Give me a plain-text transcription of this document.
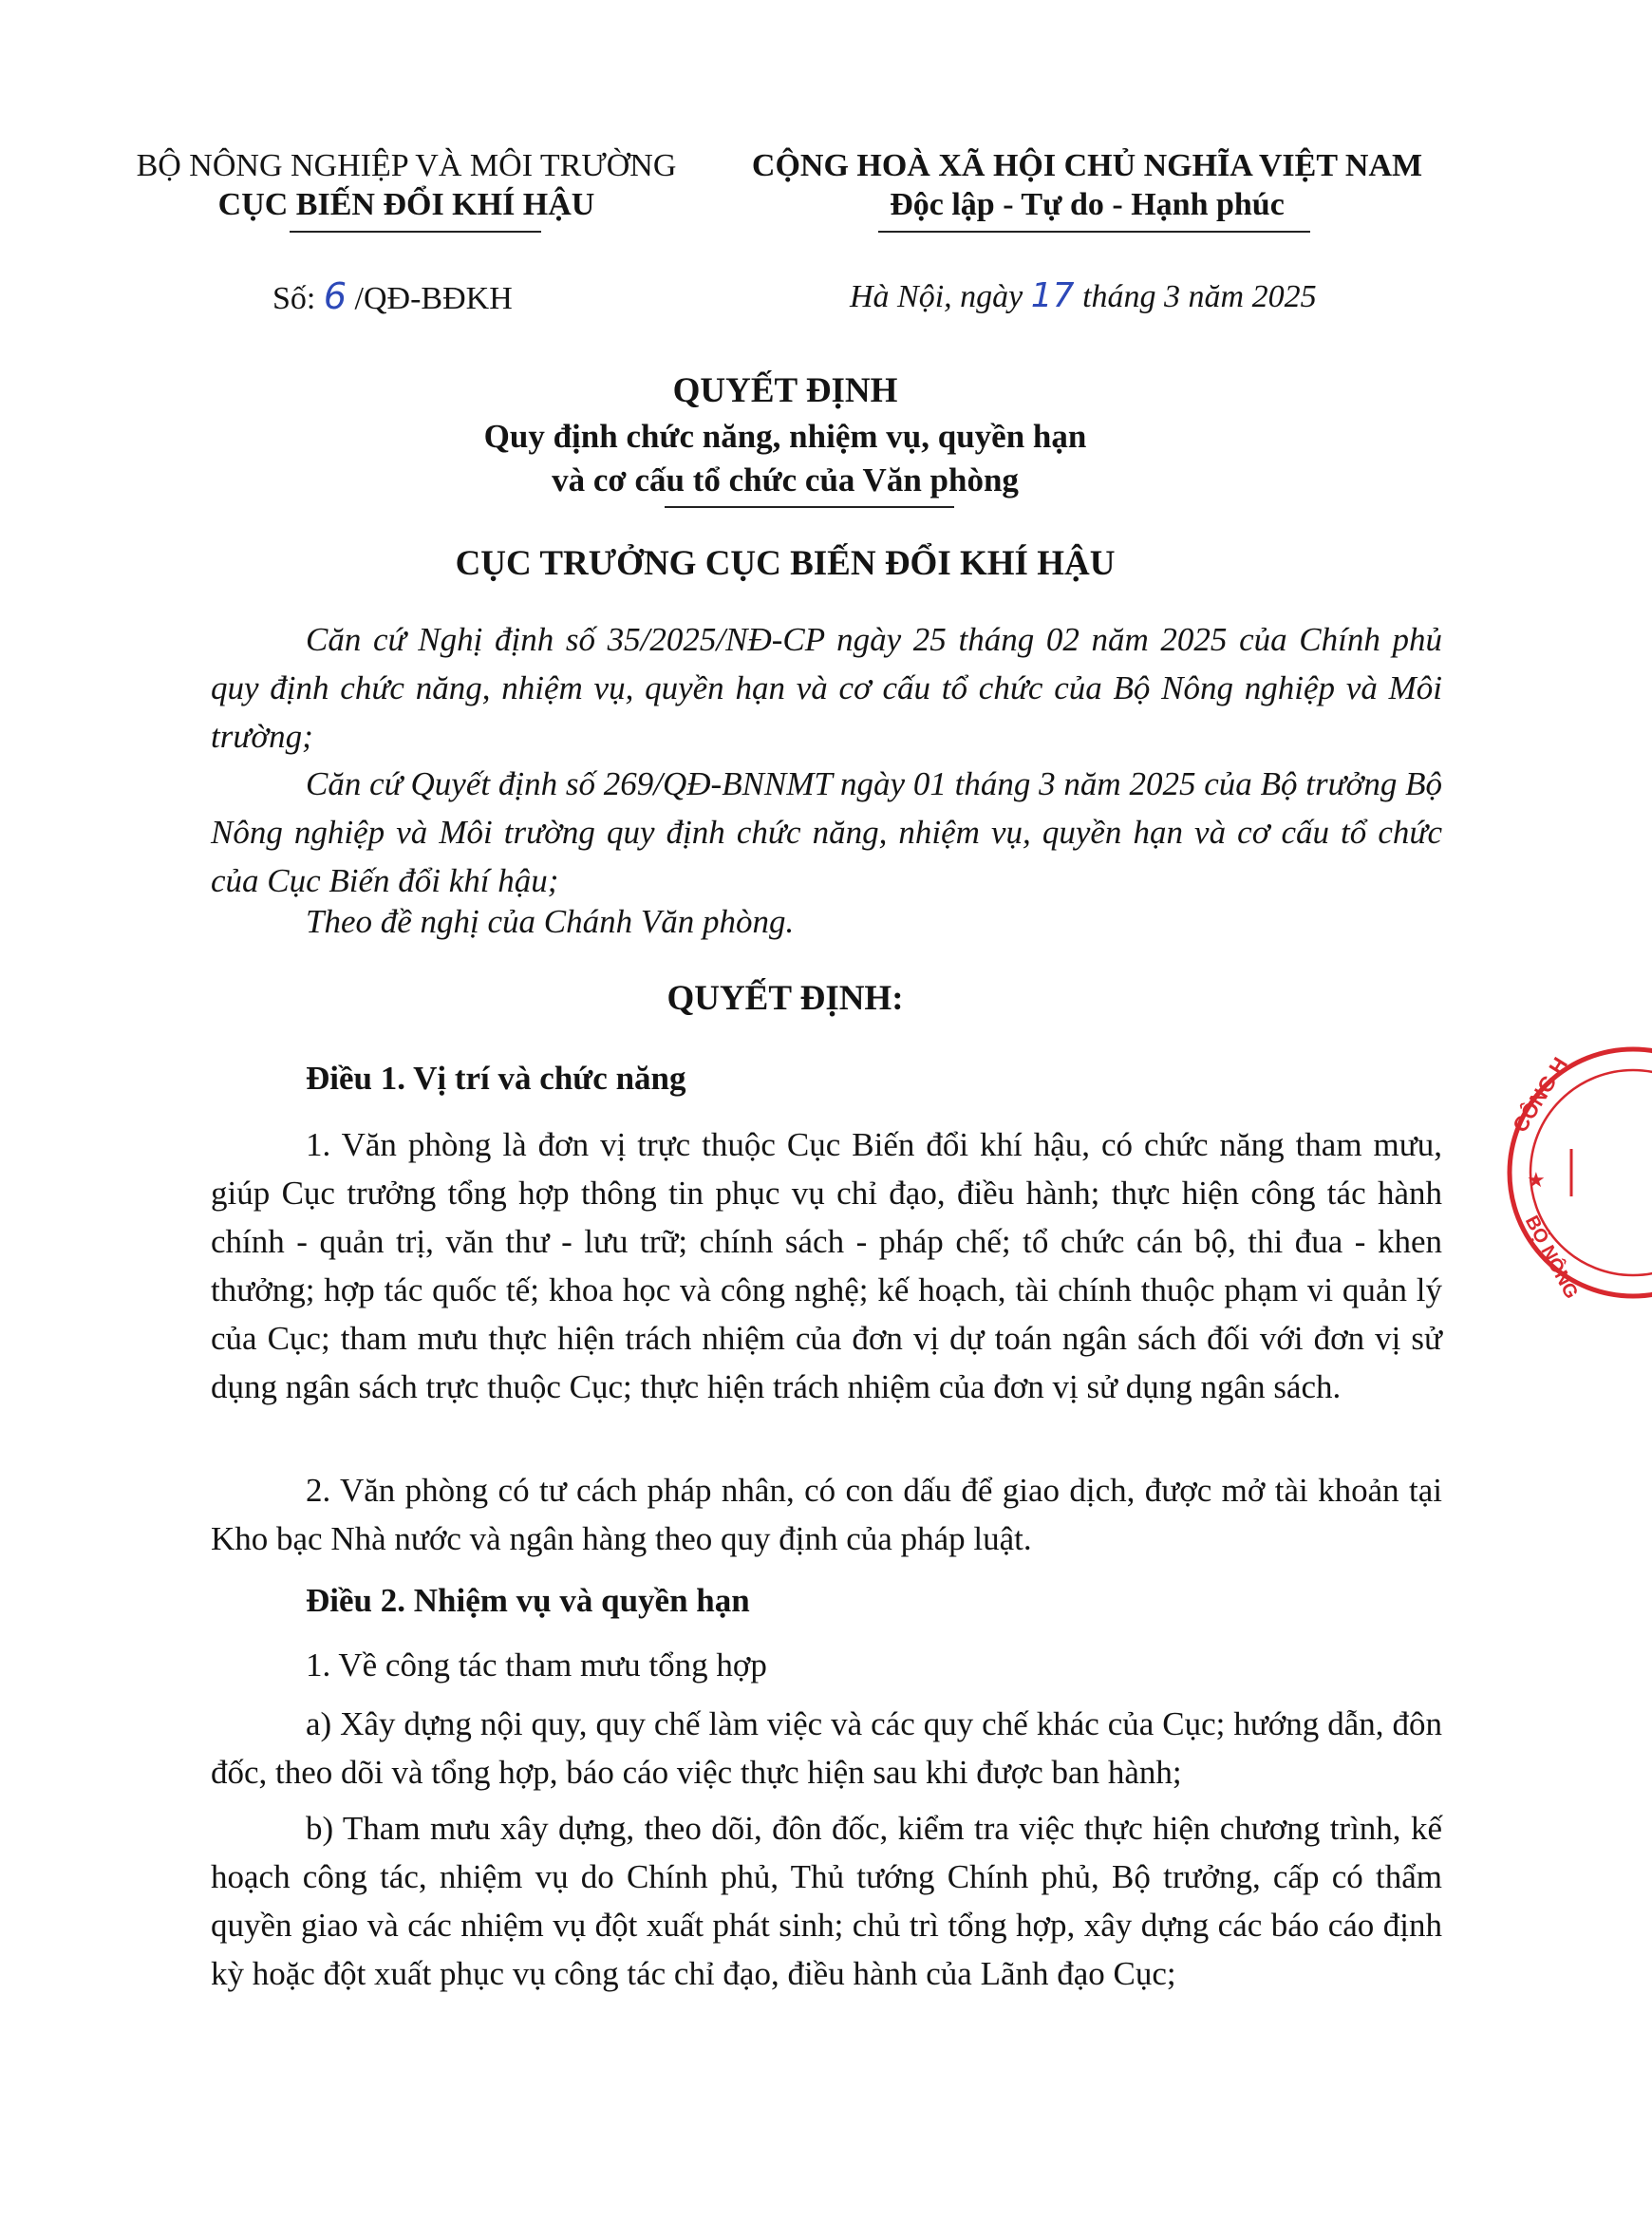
BỘ NÔNG NGHIỆP VÀ MÔI TRƯỜNG
CỤC BIẾN ĐỔI KHÍ HẬU
CỘNG HOÀ XÃ HỘI CHỦ NGHĨA VIỆT NAM
Độc lập - Tự do - Hạnh phúc
Số: 6 /QĐ-BĐKH	Hà Nội, ngày 17 tháng 3 năm 2025
QUYẾT ĐỊNH
Quy định chức năng, nhiệm vụ, quyền hạn
và cơ cấu tổ chức của Văn phòng
CỤC TRƯỞNG CỤC BIẾN ĐỔI KHÍ HẬU
Căn cứ Nghị định số 35/2025/NĐ-CP ngày 25 tháng 02 năm 2025 của Chính phủ quy định chức năng, nhiệm vụ, quyền hạn và cơ cấu tổ chức của Bộ Nông nghiệp và Môi trường;
Căn cứ Quyết định số 269/QĐ-BNNMT ngày 01 tháng 3 năm 2025 của Bộ trưởng Bộ Nông nghiệp và Môi trường quy định chức năng, nhiệm vụ, quyền hạn và cơ cấu tổ chức của Cục Biến đổi khí hậu;
Theo đề nghị của Chánh Văn phòng.
QUYẾT ĐỊNH:
Điều 1. Vị trí và chức năng
1. Văn phòng là đơn vị trực thuộc Cục Biến đổi khí hậu, có chức năng tham mưu, giúp Cục trưởng tổng hợp thông tin phục vụ chỉ đạo, điều hành; thực hiện công tác hành chính - quản trị, văn thư - lưu trữ; chính sách - pháp chế; tổ chức cán bộ, thi đua - khen thưởng; hợp tác quốc tế; khoa học và công nghệ; kế hoạch, tài chính thuộc phạm vi quản lý của Cục; tham mưu thực hiện trách nhiệm của đơn vị dự toán ngân sách đối với đơn vị sử dụng ngân sách trực thuộc Cục; thực hiện trách nhiệm của đơn vị sử dụng ngân sách.
2. Văn phòng có tư cách pháp nhân, có con dấu để giao dịch, được mở tài khoản tại Kho bạc Nhà nước và ngân hàng theo quy định của pháp luật.
Điều 2. Nhiệm vụ và quyền hạn
1. Về công tác tham mưu tổng hợp
a) Xây dựng nội quy, quy chế làm việc và các quy chế khác của Cục; hướng dẫn, đôn đốc, theo dõi và tổng hợp, báo cáo việc thực hiện sau khi được ban hành;
b) Tham mưu xây dựng, theo dõi, đôn đốc, kiểm tra việc thực hiện chương trình, kế hoạch công tác, nhiệm vụ do Chính phủ, Thủ tướng Chính phủ, Bộ trưởng, cấp có thẩm quyền giao và các nhiệm vụ đột xuất phát sinh; chủ trì tổng hợp, xây dựng các báo cáo định kỳ hoặc đột xuất phục vụ công tác chỉ đạo, điều hành của Lãnh đạo Cục;
CÔNG H
★
BỘ NÔNG
